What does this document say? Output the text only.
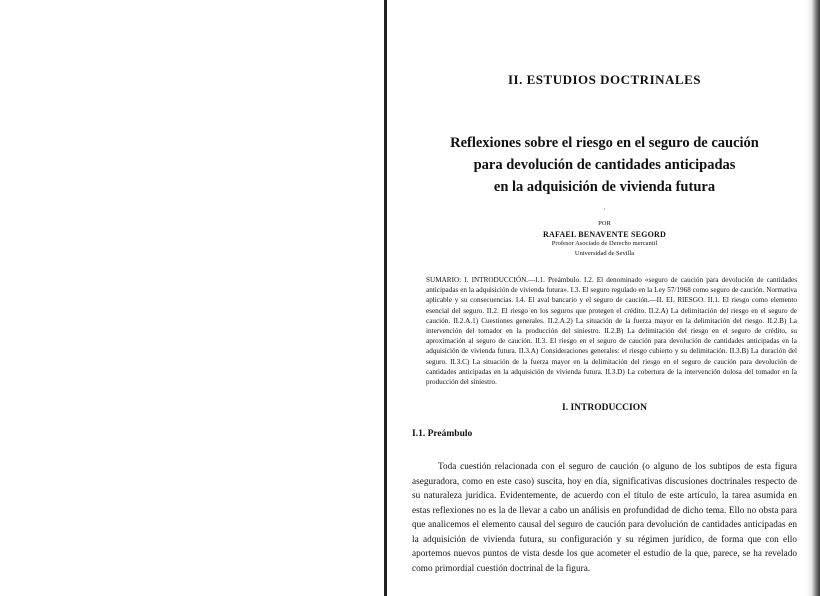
II. ESTUDIOS DOCTRINALES
Reflexiones sobre el riesgo en el seguro de caución
para devolución de cantidades anticipadas
en la adquisición de vivienda futura
·
POR
RAFAEL BENAVENTE SEGORD
Profesor Asociado de Derecho mercantil
Universidad de Sevilla
SUMARIO: I. INTRODUCCIÓN.—I.1. Preámbulo. I.2. El denominado «seguro de caución para devolución de cantidades anticipadas en la adquisición de vivienda futura». I.3. El seguro regulado en la Ley 57/1968 como seguro de caución. Normativa aplicable y su consecuencias. I.4. El aval bancario y el seguro de caución.—II. EL RIESGO. II.1. El riesgo como elemento esencial del seguro. II.2. El riesgo en los seguros que protegen el crédito. II.2.A) La delimitación del riesgo en el seguro de caución. II.2.A.1) Cuestiones generales. II.2.A.2) La situación de la fuerza mayor en la delimitación del riesgo. II.2.B) La intervención del tomador en la producción del siniestro. II.2.B) La delimitación del riesgo en el seguro de crédito, su aproximación al seguro de caución. II.3. El riesgo en el seguro de caución para devolución de cantidades anticipadas en la adquisición de vivienda futura. II.3.A) Consideraciones generales: el riesgo cubierto y su delimitación. II.3.B) La duración del seguro. II.3.C) La situación de la fuerza mayor en la delimitación del riesgo en el seguro de caución para devolución de cantidades anticipadas en la adquisición de vivienda futura. II.3.D) La cobertura de la intervención dolosa del tomador en la producción del siniestro.
I. INTRODUCCION
I.1. Preámbulo
Toda cuestión relacionada con el seguro de caución (o alguno de los subtipos de esta figura aseguradora, como en este caso) suscita, hoy en día, significativas discusiones doctrinales respecto de su naturaleza jurídica. Evidentemente, de acuerdo con el título de este artículo, la tarea asumida en estas reflexiones no es la de llevar a cabo un análisis en profundidad de dicho tema. Ello no obsta para que analicemos el elemento causal del seguro de caución para devolución de cantidades anticipadas en la adquisición de vivienda futura, su configuración y su régimen jurídico, de forma que con ello aportemos nuevos puntos de vista desde los que acometer el estudio de la que, parece, se ha revelado como primordial cuestión doctrinal de la figura.
